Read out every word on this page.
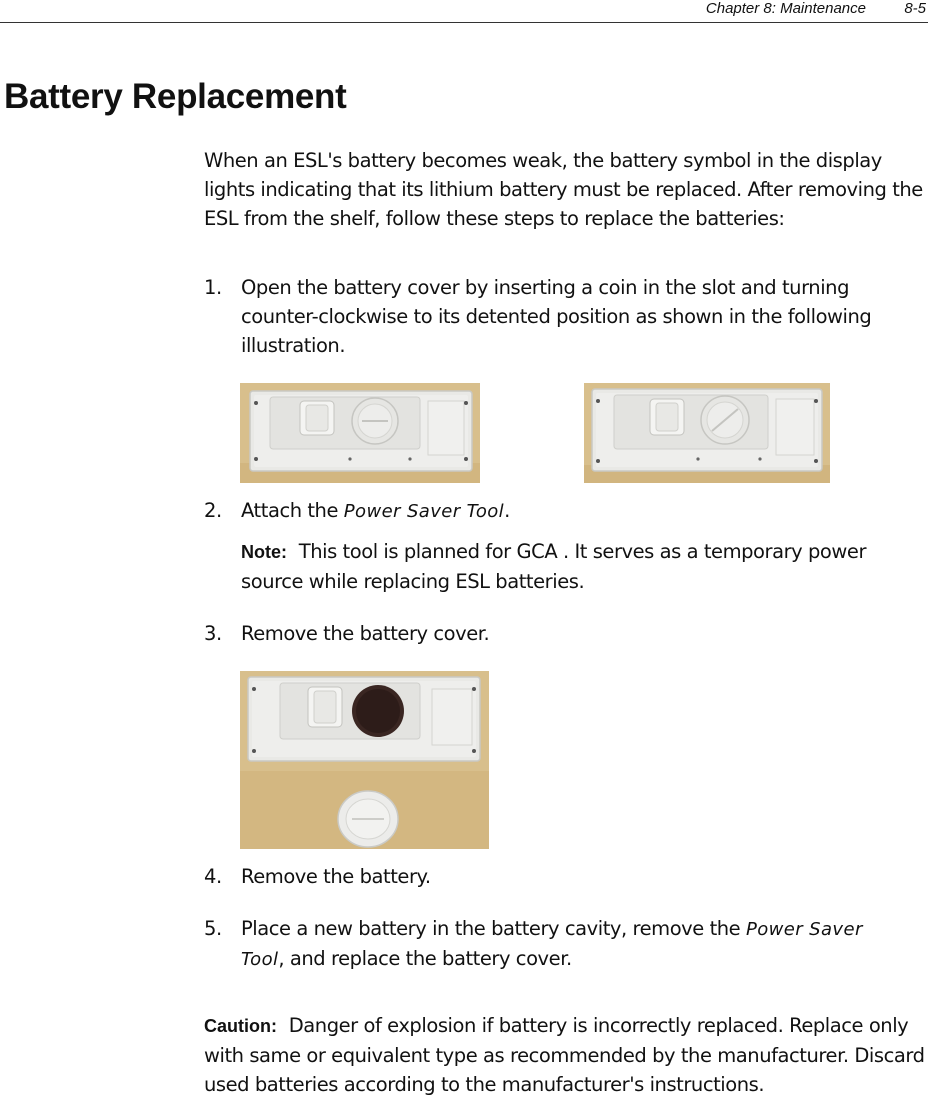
Chapter 8: Maintenance	8-5
Battery Replacement

When an ESL's battery becomes weak, the battery symbol in the display lights indicating that its lithium battery must be replaced. After removing the ESL from the shelf, follow these steps to replace the batteries:

1. Open the battery cover by inserting a coin in the slot and turning counter-clockwise to its detented position as shown in the following illustration.
2. Attach the Power Saver Tool.
Note: This tool is planned for GCA . It serves as a temporary power source while replacing ESL batteries.
3. Remove the battery cover.
4. Remove the battery.
5. Place a new battery in the battery cavity, remove the Power Saver Tool, and replace the battery cover.
Caution: Danger of explosion if battery is incorrectly replaced. Replace only with same or equivalent type as recommended by the manufacturer. Discard used batteries according to the manufacturer's instructions.
